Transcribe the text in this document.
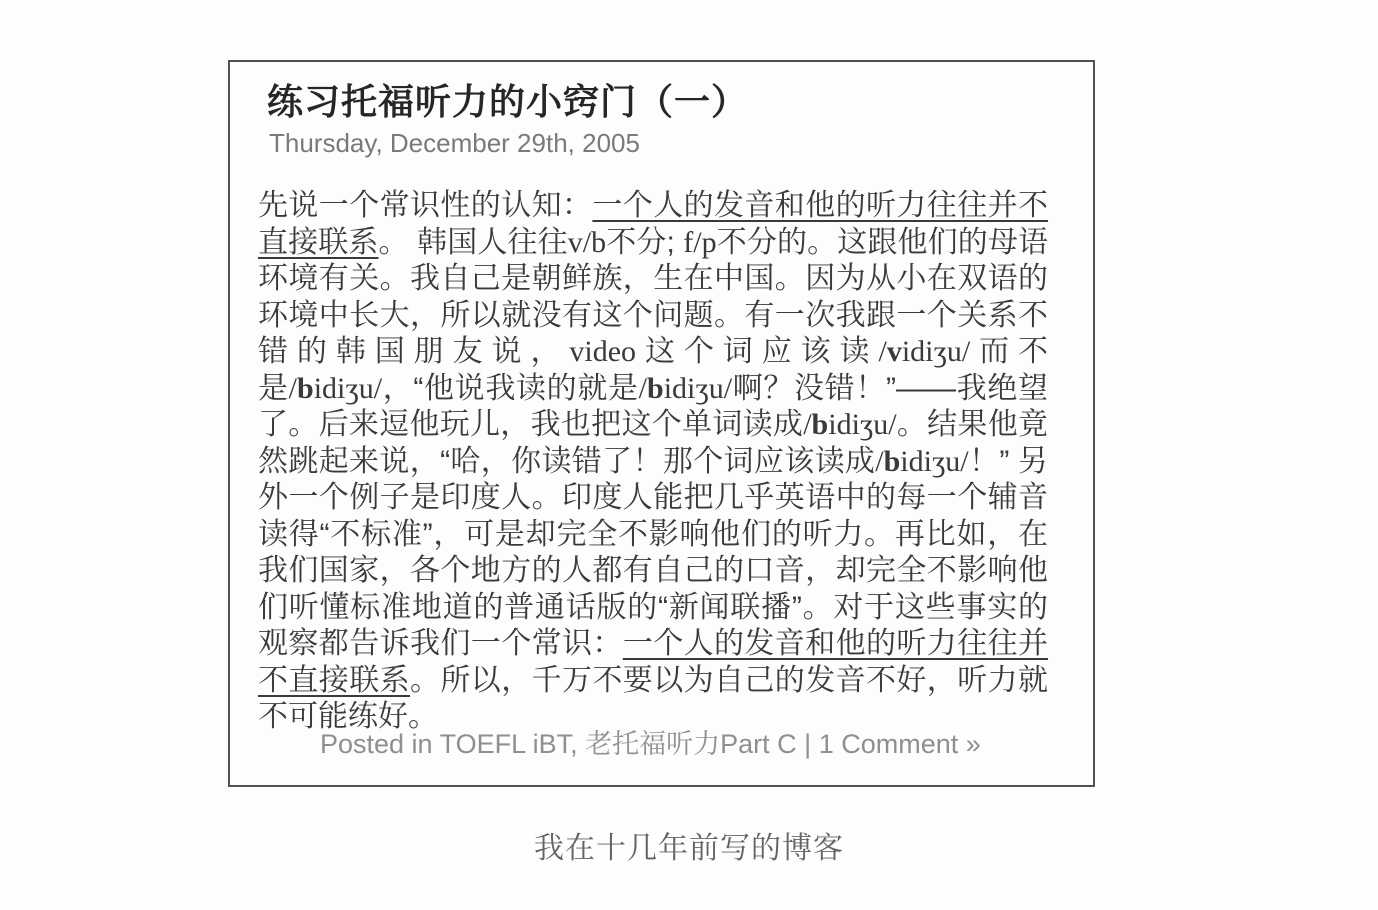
练习托福听力的小窍门（一）
Thursday, December 29th, 2005

先说一个常识性的认知：一个人的发音和他的听力往往并不直接联系。 韩国人往往v/b不分; f/p不分的。这跟他们的母语环境有关。我自己是朝鲜族，生在中国。因为从小在双语的环境中长大，所以就没有这个问题。有一次我跟一个关系不错的韩国朋友说，video这个词应该读/vidiʒu/而不是/bidiʒu/，“他说我读的就是/bidiʒu/啊？没错！”——我绝望了。后来逗他玩儿，我也把这个单词读成/bidiʒu/。结果他竟然跳起来说，“哈，你读错了！那个词应该读成/bidiʒu/！” 另外一个例子是印度人。印度人能把几乎英语中的每一个辅音读得“不标准”，可是却完全不影响他们的听力。再比如，在我们国家，各个地方的人都有自己的口音，却完全不影响他们听懂标准地道的普通话版的“新闻联播”。对于这些事实的观察都告诉我们一个常识：一个人的发音和他的听力往往并不直接联系。所以，千万不要以为自己的发音不好，听力就不可能练好。

Posted in TOEFL iBT, 老托福听力Part C | 1 Comment »
我在十几年前写的博客
